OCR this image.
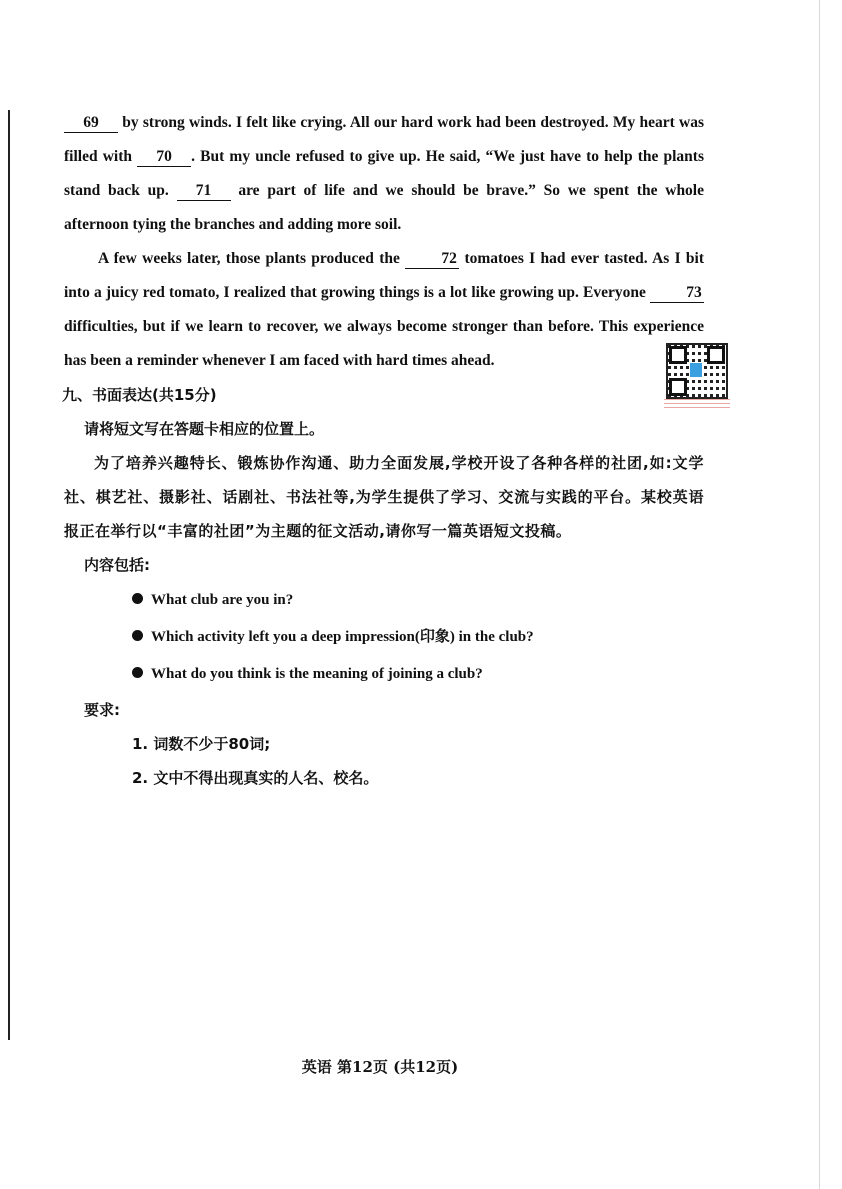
69 by strong winds. I felt like crying. All our hard work had been destroyed. My heart was filled with 70 . But my uncle refused to give up. He said, “We just have to help the plants stand back up. 71 are part of life and we should be brave.” So we spent the whole afternoon tying the branches and adding more soil.

A few weeks later, those plants produced the 72 tomatoes I had ever tasted. As I bit into a juicy red tomato, I realized that growing things is a lot like growing up. Everyone 73 difficulties, but if we learn to recover, we always become stronger than before. This experience has been a reminder whenever I am faced with hard times ahead.

九、书面表达(共15分)
请将短文写在答题卡相应的位置上。
为了培养兴趣特长、锻炼协作沟通、助力全面发展,学校开设了各种各样的社团,如:文学社、棋艺社、摄影社、话剧社、书法社等,为学生提供了学习、交流与实践的平台。某校英语报正在举行以“丰富的社团”为主题的征文活动,请你写一篇英语短文投稿。
内容包括:
What club are you in?
Which activity left you a deep impression(印象) in the club?
What do you think is the meaning of joining a club?
要求:
1. 词数不少于80词;
2. 文中不得出现真实的人名、校名。
英语 第12页 (共12页)
